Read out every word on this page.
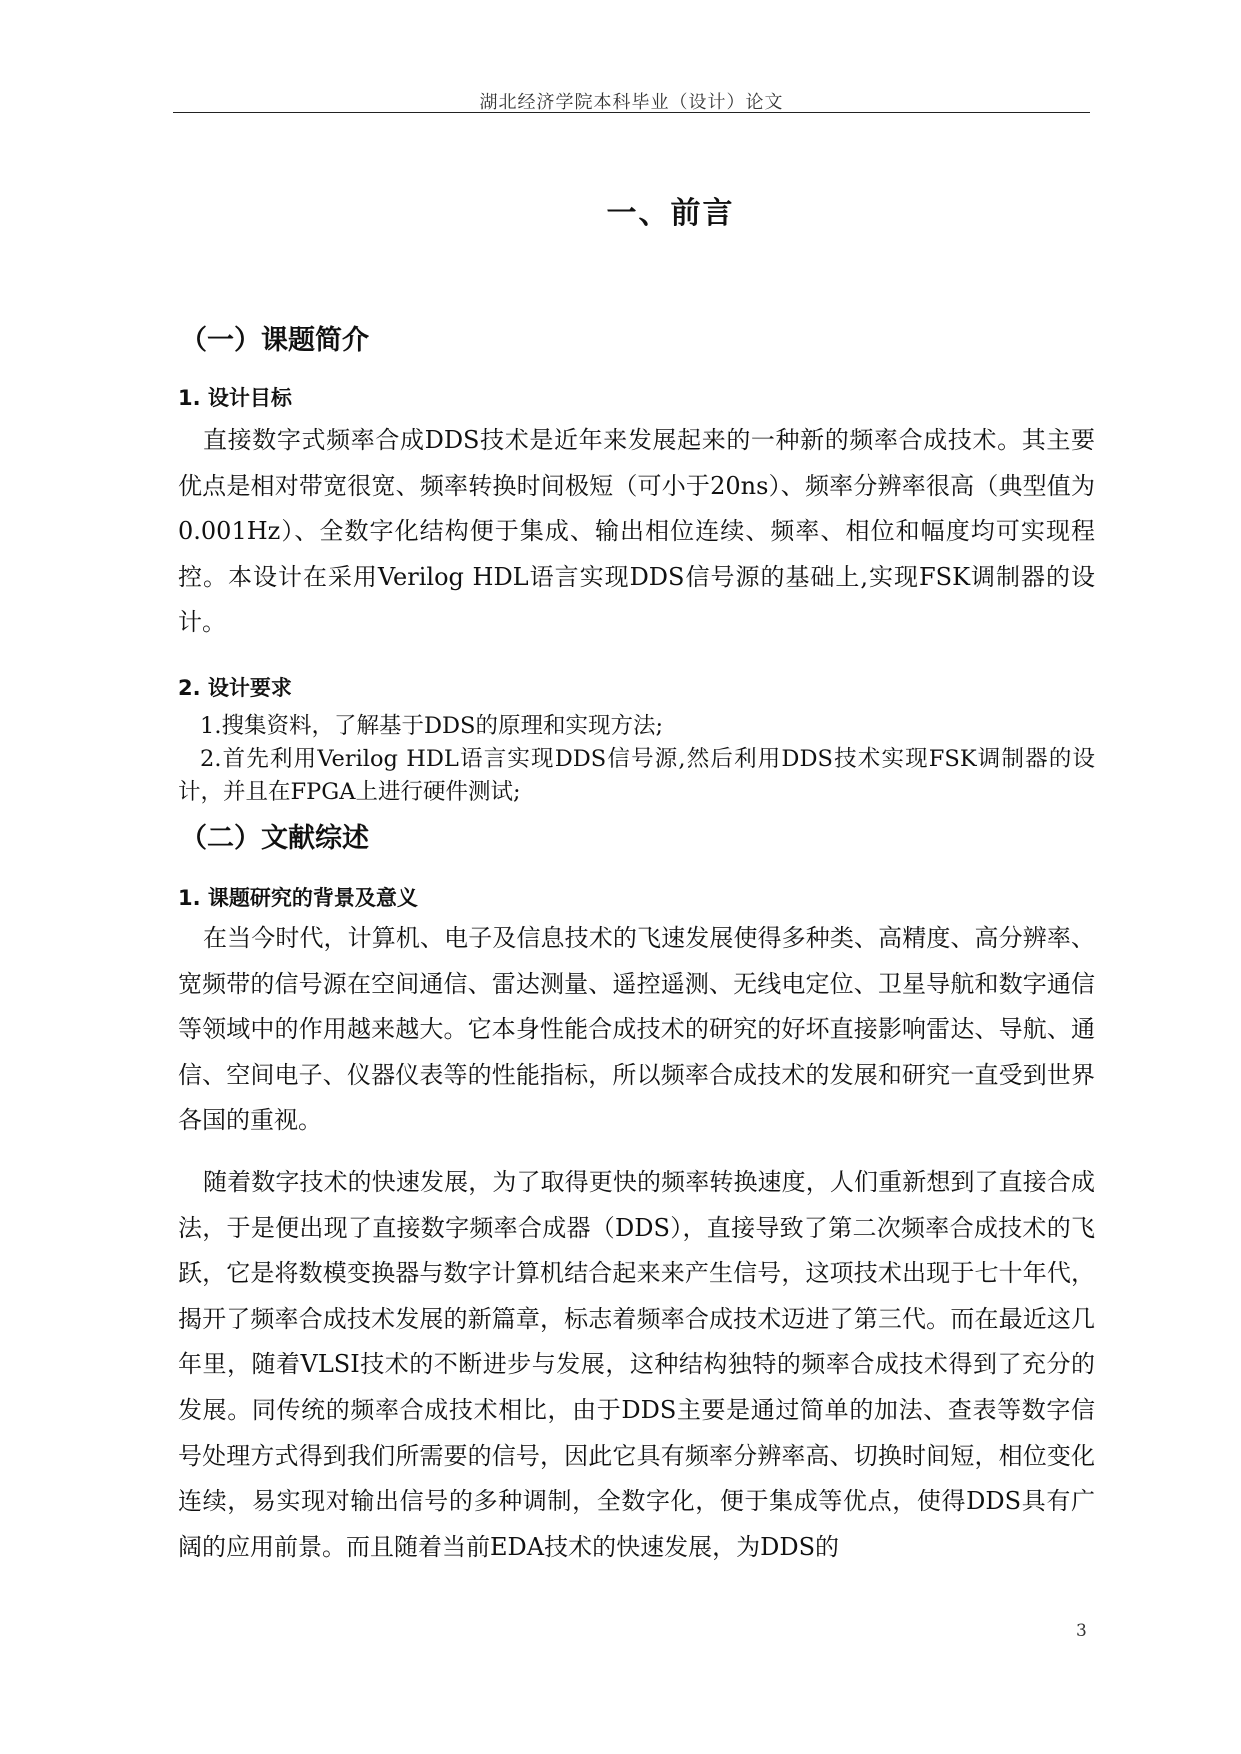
湖北经济学院本科毕业（设计）论文
一、前言
（一）课题简介
1. 设计目标
直接数字式频率合成DDS技术是近年来发展起来的一种新的频率合成技术。其主要优点是相对带宽很宽、频率转换时间极短（可小于20ns）、频率分辨率很高（典型值为0.001Hz）、全数字化结构便于集成、输出相位连续、频率、相位和幅度均可实现程控。本设计在采用Verilog HDL语言实现DDS信号源的基础上,实现FSK调制器的设计。
2. 设计要求
1.搜集资料，了解基于DDS的原理和实现方法;
2.首先利用Verilog HDL语言实现DDS信号源,然后利用DDS技术实现FSK调制器的设计，并且在FPGA上进行硬件测试;
（二）文献综述
1. 课题研究的背景及意义
在当今时代，计算机、电子及信息技术的飞速发展使得多种类、高精度、高分辨率、宽频带的信号源在空间通信、雷达测量、遥控遥测、无线电定位、卫星导航和数字通信等领域中的作用越来越大。它本身性能合成技术的研究的好坏直接影响雷达、导航、通信、空间电子、仪器仪表等的性能指标，所以频率合成技术的发展和研究一直受到世界各国的重视。
随着数字技术的快速发展，为了取得更快的频率转换速度，人们重新想到了直接合成法，于是便出现了直接数字频率合成器（DDS），直接导致了第二次频率合成技术的飞跃，它是将数模变换器与数字计算机结合起来来产生信号，这项技术出现于七十年代，揭开了频率合成技术发展的新篇章，标志着频率合成技术迈进了第三代。而在最近这几年里，随着VLSI技术的不断进步与发展，这种结构独特的频率合成技术得到了充分的发展。同传统的频率合成技术相比，由于DDS主要是通过简单的加法、查表等数字信号处理方式得到我们所需要的信号，因此它具有频率分辨率高、切换时间短，相位变化连续，易实现对输出信号的多种调制，全数字化，便于集成等优点，使得DDS具有广阔的应用前景。而且随着当前EDA技术的快速发展，为DDS的
3
